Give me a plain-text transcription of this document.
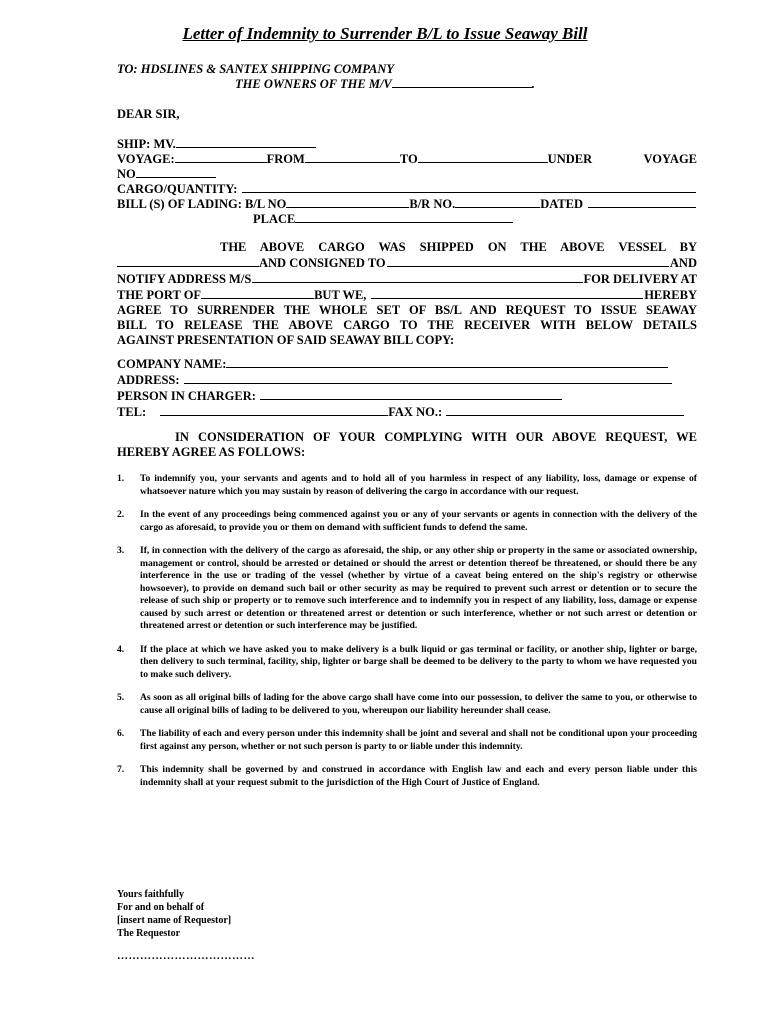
Letter of Indemnity to Surrender B/L to Issue Seaway Bill
TO: HDSLINES & SANTEX SHIPPING COMPANY
THE OWNERS OF THE M/V	.
DEAR SIR,
SHIP: MV.
VOYAGE:	FROM	TO	UNDER	VOYAGE
NO
CARGO/QUANTITY:
BILL (S) OF LADING: B/L NO	B/R NO.	DATED
PLACE
THE ABOVE CARGO WAS SHIPPED ON THE ABOVE VESSEL BY
AND CONSIGNED TO	AND
NOTIFY ADDRESS M/S	FOR DELIVERY AT
THE PORT OF	BUT WE,	HEREBY
AGREE TO SURRENDER THE WHOLE SET OF BS/L AND REQUEST TO ISSUE SEAWAY
BILL TO RELEASE THE ABOVE CARGO TO THE RECEIVER WITH BELOW DETAILS
AGAINST PRESENTATION OF SAID SEAWAY BILL COPY:
COMPANY NAME:
ADDRESS:
PERSON IN CHARGER:
TEL:	FAX NO.:
IN CONSIDERATION OF YOUR COMPLYING WITH OUR ABOVE REQUEST, WE HEREBY AGREE AS FOLLOWS:
1.	To indemnify you, your servants and agents and to hold all of you harmless in respect of any liability, loss, damage or expense of whatsoever nature which you may sustain by reason of delivering the cargo in accordance with our request.
2.	In the event of any proceedings being commenced against you or any of your servants or agents in connection with the delivery of the cargo as aforesaid, to provide you or them on demand with sufficient funds to defend the same.
3.	If, in connection with the delivery of the cargo as aforesaid, the ship, or any other ship or property in the same or associated ownership, management or control, should be arrested or detained or should the arrest or detention thereof be threatened, or should there be any interference in the use or trading of the vessel (whether by virtue of a caveat being entered on the ship's registry or otherwise howsoever), to provide on demand such bail or other security as may be required to prevent such arrest or detention or to secure the release of such ship or property or to remove such interference and to indemnify you in respect of any liability, loss, damage or expense caused by such arrest or detention or threatened arrest or detention or such interference, whether or not such arrest or detention or threatened arrest or detention or such interference may be justified.
4.	If the place at which we have asked you to make delivery is a bulk liquid or gas terminal or facility, or another ship, lighter or barge, then delivery to such terminal, facility, ship, lighter or barge shall be deemed to be delivery to the party to whom we have requested you to make such delivery.
5.	As soon as all original bills of lading for the above cargo shall have come into our possession, to deliver the same to you, or otherwise to cause all original bills of lading to be delivered to you, whereupon our liability hereunder shall cease.
6.	The liability of each and every person under this indemnity shall be joint and several and shall not be conditional upon your proceeding first against any person, whether or not such person is party to or liable under this indemnity.
7.	This indemnity shall be governed by and construed in accordance with English law and each and every person liable under this indemnity shall at your request submit to the jurisdiction of the High Court of Justice of England.
Yours faithfully
For and on behalf of
[insert name of Requestor]
The Requestor
………………………………
